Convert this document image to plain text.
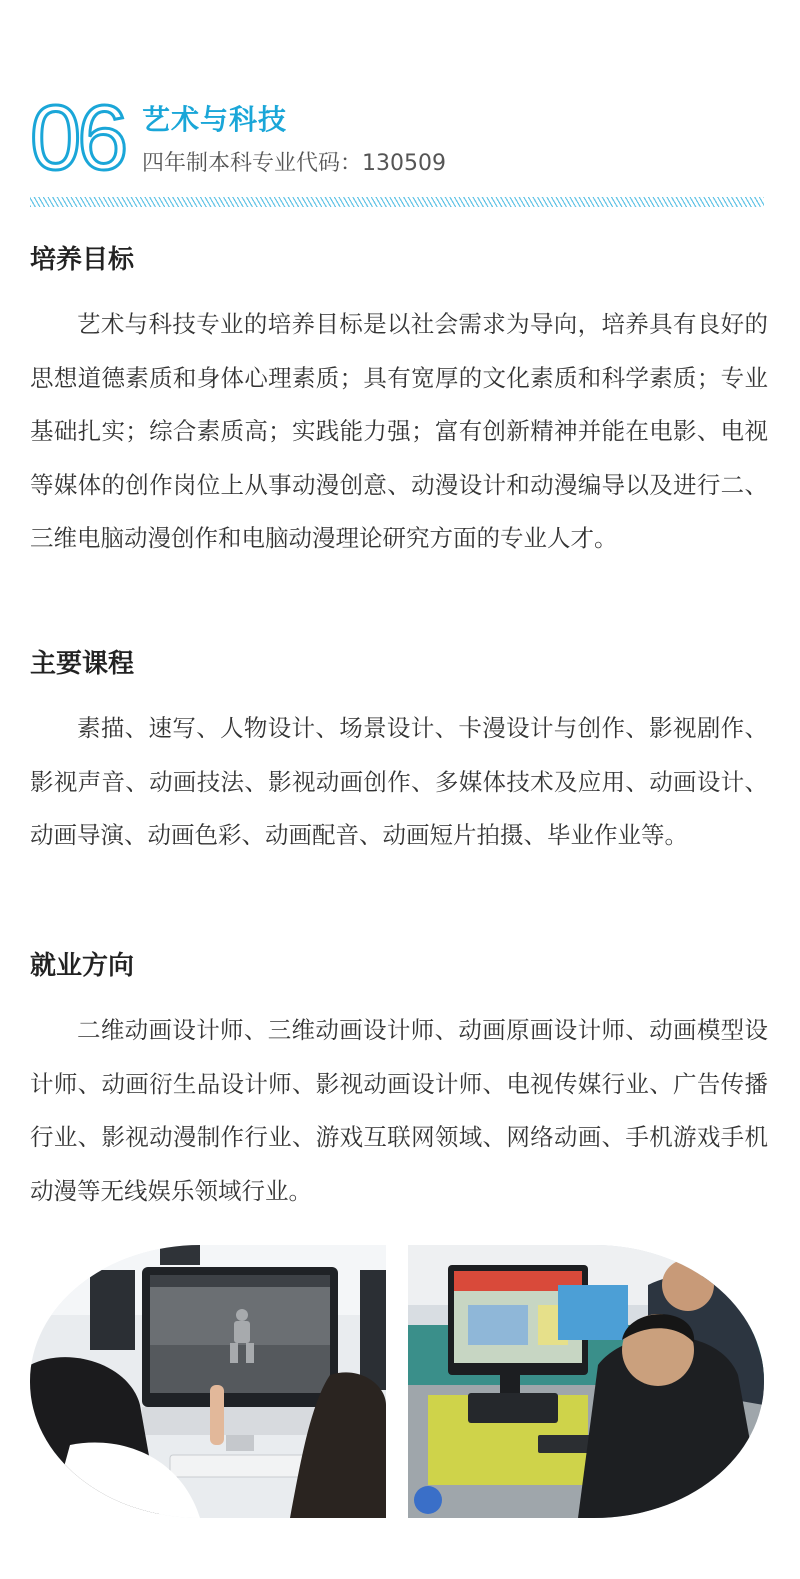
06 艺术与科技
四年制本科专业代码：130509
培养目标

艺术与科技专业的培养目标是以社会需求为导向，培养具有良好的思想道德素质和身体心理素质；具有宽厚的文化素质和科学素质；专业基础扎实；综合素质高；实践能力强；富有创新精神并能在电影、电视等媒体的创作岗位上从事动漫创意、动漫设计和动漫编导以及进行二、三维电脑动漫创作和电脑动漫理论研究方面的专业人才。

主要课程

素描、速写、人物设计、场景设计、卡漫设计与创作、影视剧作、影视声音、动画技法、影视动画创作、多媒体技术及应用、动画设计、动画导演、动画色彩、动画配音、动画短片拍摄、毕业作业等。

就业方向

二维动画设计师、三维动画设计师、动画原画设计师、动画模型设计师、动画衍生品设计师、影视动画设计师、电视传媒行业、广告传播行业、影视动漫制作行业、游戏互联网领域、网络动画、手机游戏手机动漫等无线娱乐领域行业。
